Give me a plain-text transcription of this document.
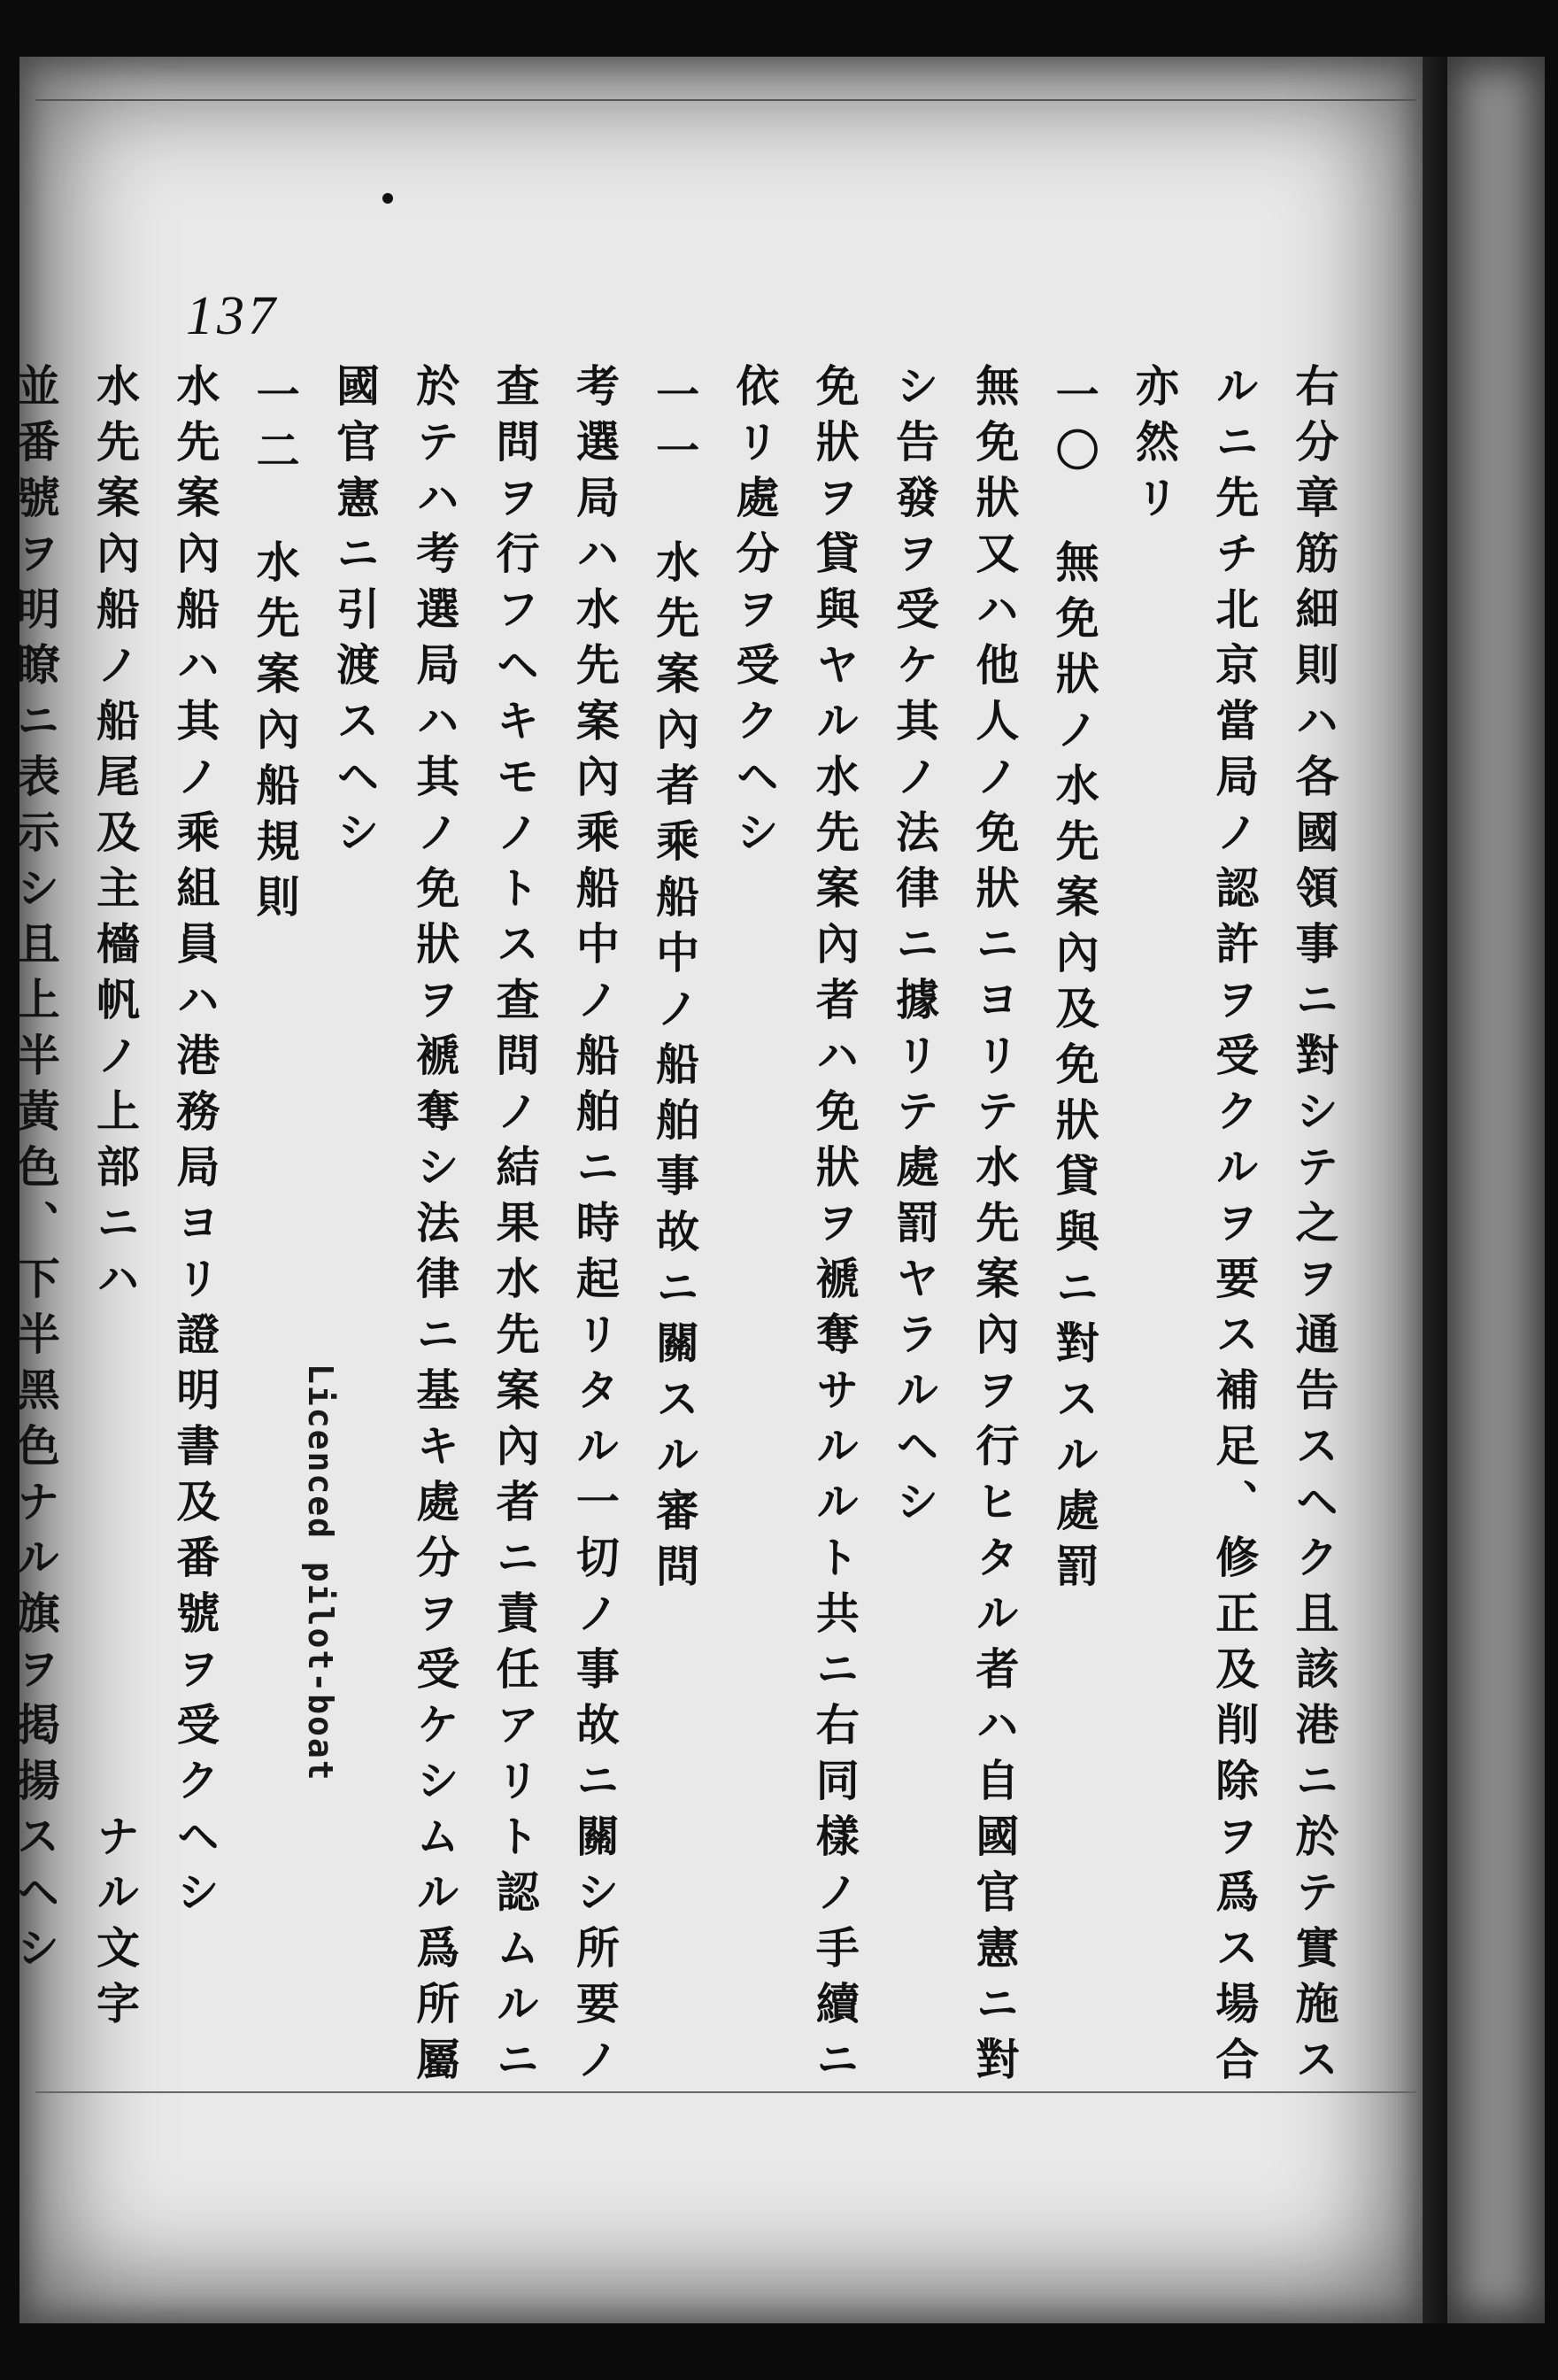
137
右分章筋細則ハ各國領事ニ對シテ之ヲ通告スヘク且該港ニ於テ實施ス
ルニ先チ北京當局ノ認許ヲ受クルヲ要ス補足、修正及削除ヲ爲ス場合
亦然リ
一〇　無免狀ノ水先案內及免狀貸與ニ對スル處罰
無免狀又ハ他人ノ免狀ニヨリテ水先案內ヲ行ヒタル者ハ自國官憲ニ對
シ告發ヲ受ケ其ノ法律ニ據リテ處罰ヤラルヘシ
免狀ヲ貸與ヤル水先案內者ハ免狀ヲ褫奪サルルト共ニ右同樣ノ手續ニ
依リ處分ヲ受クヘシ
一一　水先案內者乘船中ノ船舶事故ニ關スル審問
考選局ハ水先案內乘船中ノ船舶ニ時起リタル一切ノ事故ニ關シ所要ノ
查問ヲ行フヘキモノトス查問ノ結果水先案內者ニ責任アリト認ムルニ
於テハ考選局ハ其ノ免狀ヲ褫奪シ法律ニ基キ處分ヲ受ケシムル爲所屬
國官憲ニ引渡スヘシ
一二　水先案內船規則
水先案內船ハ其ノ乘組員ハ港務局ヨリ證明書及番號ヲ受クヘシ
水先案內船ノ船尾及主檣帆ノ上部ニハ　　　　　　　　　ナル文字
並番號ヲ明瞭ニ表示シ且上半黃色、下半黑色ナル旗ヲ掲揚スヘシ	Licenced pilot-boat
